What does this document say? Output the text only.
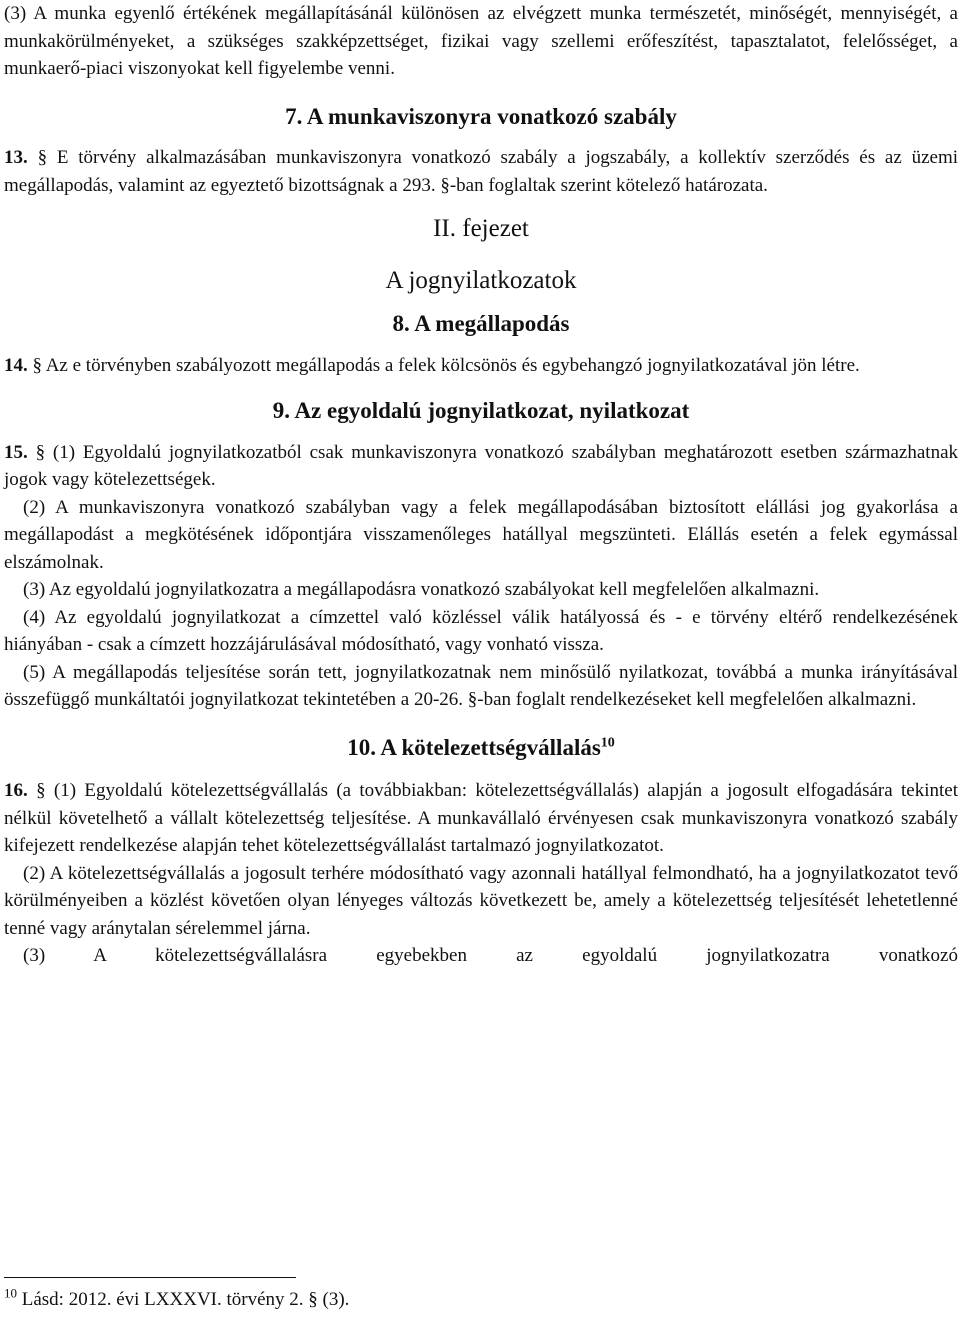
(3) A munka egyenlő értékének megállapításánál különösen az elvégzett munka természetét, minőségét, mennyiségét, a munkakörülményeket, a szükséges szakképzettséget, fizikai vagy szellemi erőfeszítést, tapasztalatot, felelősséget, a munkaerő-piaci viszonyokat kell figyelembe venni.

7. A munkaviszonyra vonatkozó szabály

13. § E törvény alkalmazásában munkaviszonyra vonatkozó szabály a jogszabály, a kollektív szerződés és az üzemi megállapodás, valamint az egyeztető bizottságnak a 293. §-ban foglaltak szerint kötelező határozata.

II. fejezet

A jognyilatkozatok

8. A megállapodás

14. § Az e törvényben szabályozott megállapodás a felek kölcsönös és egybehangzó jognyilatkozatával jön létre.

9. Az egyoldalú jognyilatkozat, nyilatkozat

15. § (1) Egyoldalú jognyilatkozatból csak munkaviszonyra vonatkozó szabályban meghatározott esetben származhatnak jogok vagy kötelezettségek.

(2) A munkaviszonyra vonatkozó szabályban vagy a felek megállapodásában biztosított elállási jog gyakorlása a megállapodást a megkötésének időpontjára visszamenőleges hatállyal megszünteti. Elállás esetén a felek egymással elszámolnak.

(3) Az egyoldalú jognyilatkozatra a megállapodásra vonatkozó szabályokat kell megfelelően alkalmazni.

(4) Az egyoldalú jognyilatkozat a címzettel való közléssel válik hatályossá és - e törvény eltérő rendelkezésének hiányában - csak a címzett hozzájárulásával módosítható, vagy vonható vissza.

(5) A megállapodás teljesítése során tett, jognyilatkozatnak nem minősülő nyilatkozat, továbbá a munka irányításával összefüggő munkáltatói jognyilatkozat tekintetében a 20-26. §-ban foglalt rendelkezéseket kell megfelelően alkalmazni.

10. A kötelezettségvállalás$^{10}$

16. § (1) Egyoldalú kötelezettségvállalás (a továbbiakban: kötelezettségvállalás) alapján a jogosult elfogadására tekintet nélkül követelhető a vállalt kötelezettség teljesítése. A munkavállaló érvényesen csak munkaviszonyra vonatkozó szabály kifejezett rendelkezése alapján tehet kötelezettségvállalást tartalmazó jognyilatkozatot.

(2) A kötelezettségvállalás a jogosult terhére módosítható vagy azonnali hatállyal felmondható, ha a jognyilatkozatot tevő körülményeiben a közlést követően olyan lényeges változás következett be, amely a kötelezettség teljesítését lehetetlenné tenné vagy aránytalan sérelemmel járna.

(3) A kötelezettségvállalásra egyebekben az egyoldalú jognyilatkozatra vonatkozó

$^{10}$ Lásd: 2012. évi LXXXVI. törvény 2. § (3).
